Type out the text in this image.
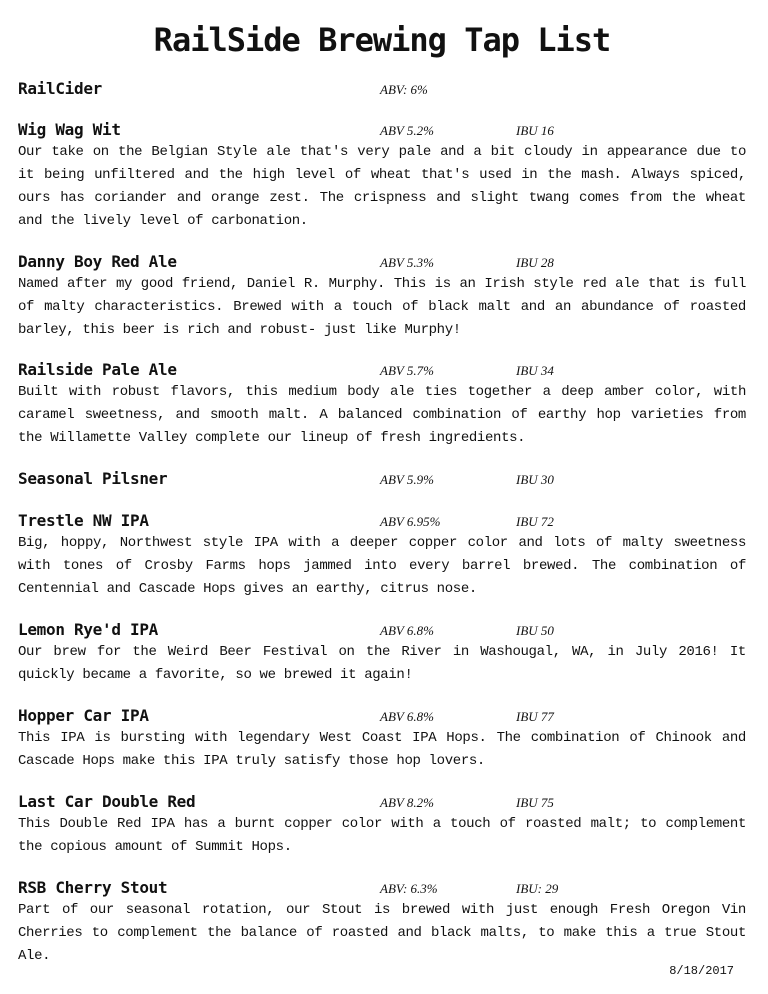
RailSide Brewing Tap List
RailCider	ABV: 6%
Wig Wag Wit	ABV 5.2%	IBU 16

Our take on the Belgian Style ale that's very pale and a bit cloudy in appearance due to it being unfiltered and the high level of wheat that's used in the mash. Always spiced, ours has coriander and orange zest. The crispness and slight twang comes from the wheat and the lively level of carbonation.

Danny Boy Red Ale	ABV 5.3%	IBU 28

Named after my good friend, Daniel R. Murphy. This is an Irish style red ale that is full of malty characteristics. Brewed with a touch of black malt and an abundance of roasted barley, this beer is rich and robust- just like Murphy!

Railside Pale Ale	ABV 5.7%	IBU 34

Built with robust flavors, this medium body ale ties together a deep amber color, with caramel sweetness, and smooth malt. A balanced combination of earthy hop varieties from the Willamette Valley complete our lineup of fresh ingredients.

Seasonal Pilsner	ABV 5.9%	IBU 30
Trestle NW IPA	ABV 6.95%	IBU 72

Big, hoppy, Northwest style IPA with a deeper copper color and lots of malty sweetness with tones of Crosby Farms hops jammed into every barrel brewed. The combination of Centennial and Cascade Hops gives an earthy, citrus nose.

Lemon Rye'd IPA	ABV 6.8%	IBU 50

Our brew for the Weird Beer Festival on the River in Washougal, WA, in July 2016! It quickly became a favorite, so we brewed it again!

Hopper Car IPA	ABV 6.8%	IBU 77

This IPA is bursting with legendary West Coast IPA Hops. The combination of Chinook and Cascade Hops make this IPA truly satisfy those hop lovers.

Last Car Double Red	ABV 8.2%	IBU 75

This Double Red IPA has a burnt copper color with a touch of roasted malt; to complement the copious amount of Summit Hops.

RSB Cherry Stout	ABV: 6.3%	IBU: 29

Part of our seasonal rotation, our Stout is brewed with just enough Fresh Oregon Vin Cherries to complement the balance of roasted and black malts, to make this a true Stout Ale.

8/18/2017
